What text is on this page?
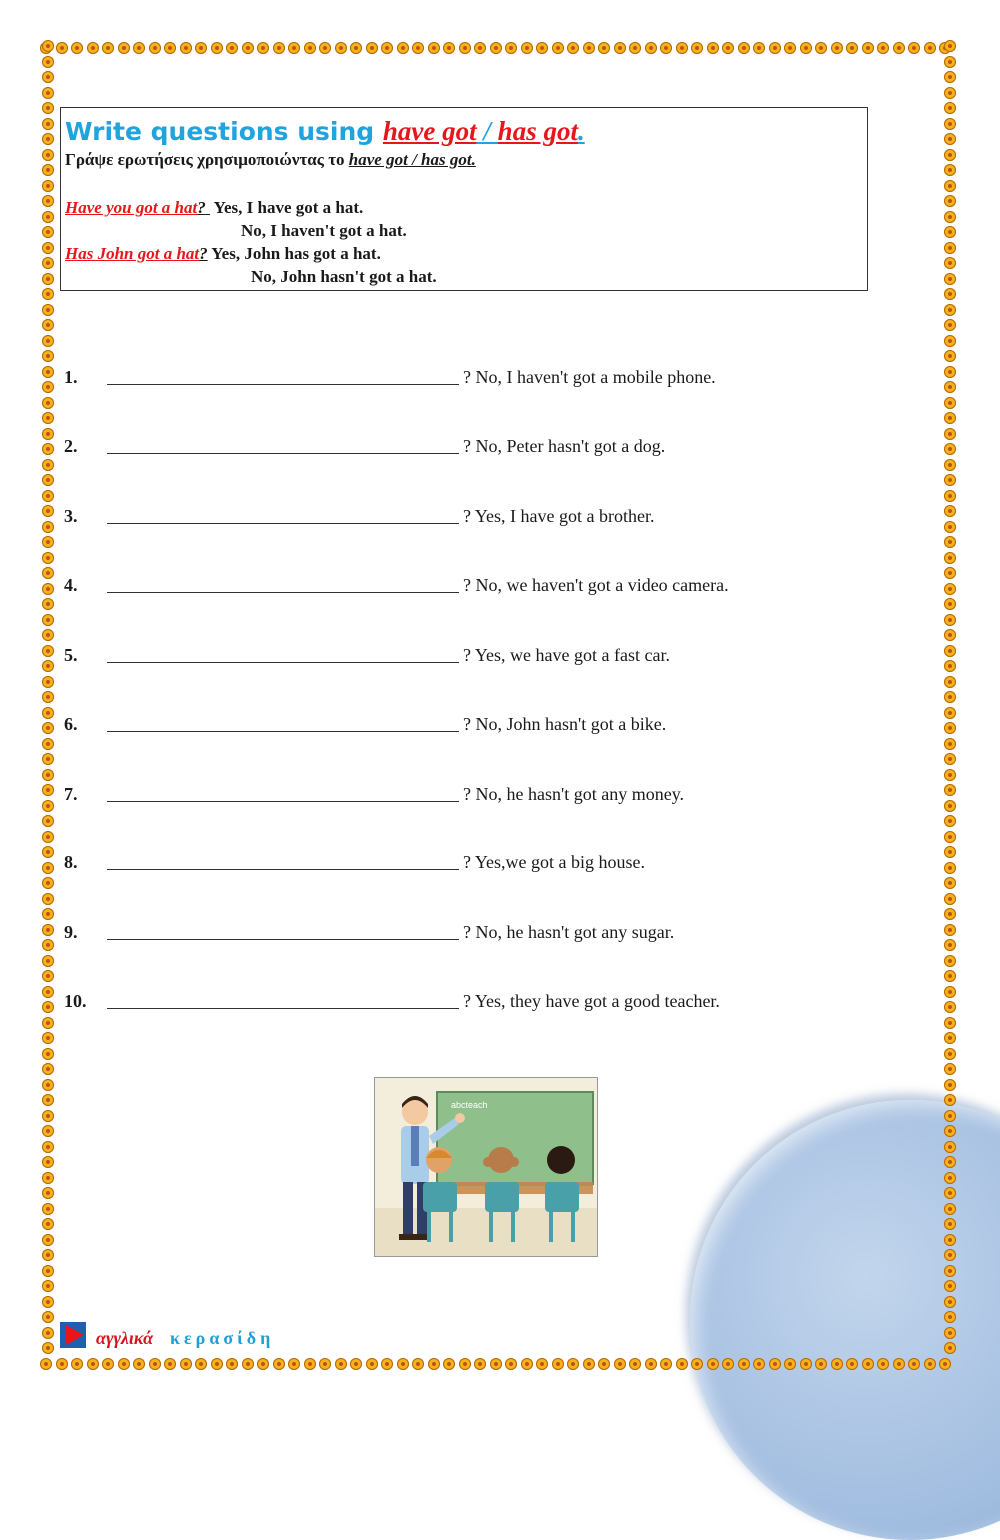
Write questions using have got / has got.
Γράψε ερωτήσεις χρησιμοποιώντας το have got / has got.
Have you got a hat?  Yes, I have got a hat.
No, I haven't got a hat.
Has John got a hat? Yes, John has got a hat.
No, John hasn't got a hat.
1.	? No, I haven't got a mobile phone.
2.	? No, Peter hasn't got a dog.
3.	? Yes, I have got a brother.
4.	? No, we haven't got a video camera.
5.	? Yes, we have got a fast car.
6.	? No, John hasn't got a bike.
7.	? No, he hasn't got any money.
8.	? Yes,we got a big house.
9.	? No, he hasn't got any sugar.
10.	? Yes, they have got a good teacher.
abcteach
αγγλικά κερασίδη
